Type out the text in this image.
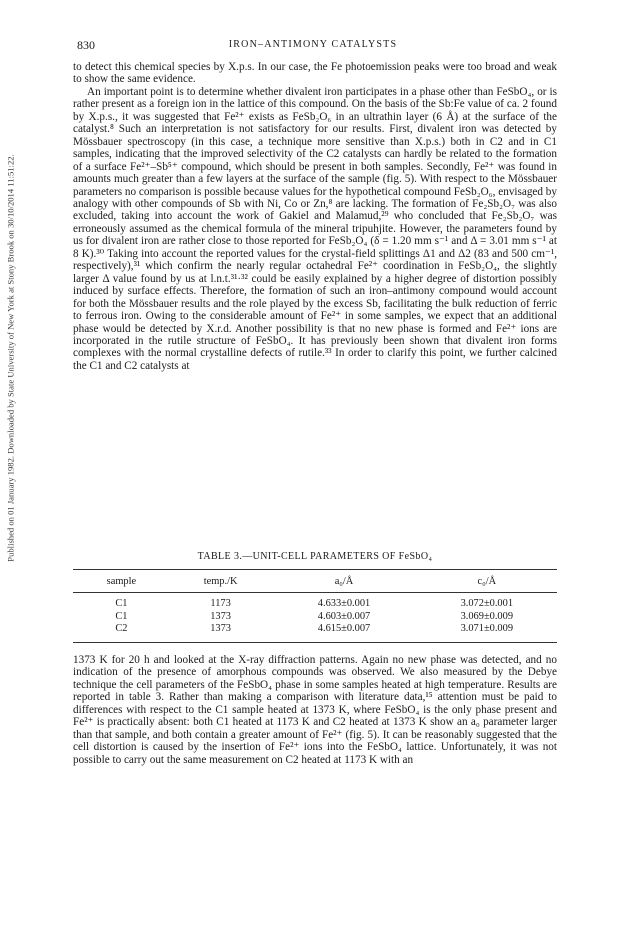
Published on 01 January 1982. Downloaded by State University of New York at Stony Brook on 30/10/2014 11:51:22.
830	IRON–ANTIMONY CATALYSTS

to detect this chemical species by X.p.s. In our case, the Fe photoemission peaks were too broad and weak to show the same evidence.

An important point is to determine whether divalent iron participates in a phase other than FeSbO₄, or is rather present as a foreign ion in the lattice of this compound. On the basis of the Sb:Fe value of ca. 2 found by X.p.s., it was suggested that Fe²⁺ exists as FeSb₂O₆ in an ultrathin layer (6 Å) at the surface of the catalyst.⁸ Such an interpretation is not satisfactory for our results. First, divalent iron was detected by Mössbauer spectroscopy (in this case, a technique more sensitive than X.p.s.) both in C2 and in C1 samples, indicating that the improved selectivity of the C2 catalysts can hardly be related to the formation of a surface Fe²⁺–Sb⁵⁺ compound, which should be present in both samples. Secondly, Fe²⁺ was found in amounts much greater than a few layers at the surface of the sample (fig. 5). With respect to the Mössbauer parameters no comparison is possible because values for the hypothetical compound FeSb₂O₆, envisaged by analogy with other compounds of Sb with Ni, Co or Zn,⁸ are lacking. The formation of Fe₂Sb₂O₇ was also excluded, taking into account the work of Gakiel and Malamud,²⁹ who concluded that Fe₂Sb₂O₇ was erroneously assumed as the chemical formula of the mineral tripuhjite. However, the parameters found by us for divalent iron are rather close to those reported for FeSb₂O₄ (δ = 1.20 mm s⁻¹ and Δ = 3.01 mm s⁻¹ at 8 K).³⁰ Taking into account the reported values for the crystal-field splittings Δ1 and Δ2 (83 and 500 cm⁻¹, respectively),³¹ which confirm the nearly regular octahedral Fe²⁺ coordination in FeSb₂O₄, the slightly larger Δ value found by us at l.n.t.³¹·³² could be easily explained by a higher degree of distortion possibly induced by surface effects. Therefore, the formation of such an iron–antimony compound would account for both the Mössbauer results and the role played by the excess Sb, facilitating the bulk reduction of ferric to ferrous iron. Owing to the considerable amount of Fe²⁺ in some samples, we expect that an additional phase would be detected by X.r.d. Another possibility is that no new phase is formed and Fe²⁺ ions are incorporated in the rutile structure of FeSbO₄. It has previously been shown that divalent iron forms complexes with the normal crystalline defects of rutile.³³ In order to clarify this point, we further calcined the C1 and C2 catalysts at

TABLE 3.—UNIT-CELL PARAMETERS OF FeSbO₄
sample	temp./K	a₀/Å	c₀/Å
C1	1173	4.633±0.001	3.072±0.001
C1	1373	4.603±0.007	3.069±0.009
C2	1373	4.615±0.007	3.071±0.009

1373 K for 20 h and looked at the X-ray diffraction patterns. Again no new phase was detected, and no indication of the presence of amorphous compounds was observed. We also measured by the Debye technique the cell parameters of the FeSbO₄ phase in some samples heated at high temperature. Results are reported in table 3. Rather than making a comparison with literature data,¹⁵ attention must be paid to differences with respect to the C1 sample heated at 1373 K, where FeSbO₄ is the only phase present and Fe²⁺ is practically absent: both C1 heated at 1173 K and C2 heated at 1373 K show an a₀ parameter larger than that sample, and both contain a greater amount of Fe²⁺ (fig. 5). It can be reasonably suggested that the cell distortion is caused by the insertion of Fe²⁺ ions into the FeSbO₄ lattice. Unfortunately, it was not possible to carry out the same measurement on C2 heated at 1173 K with an
